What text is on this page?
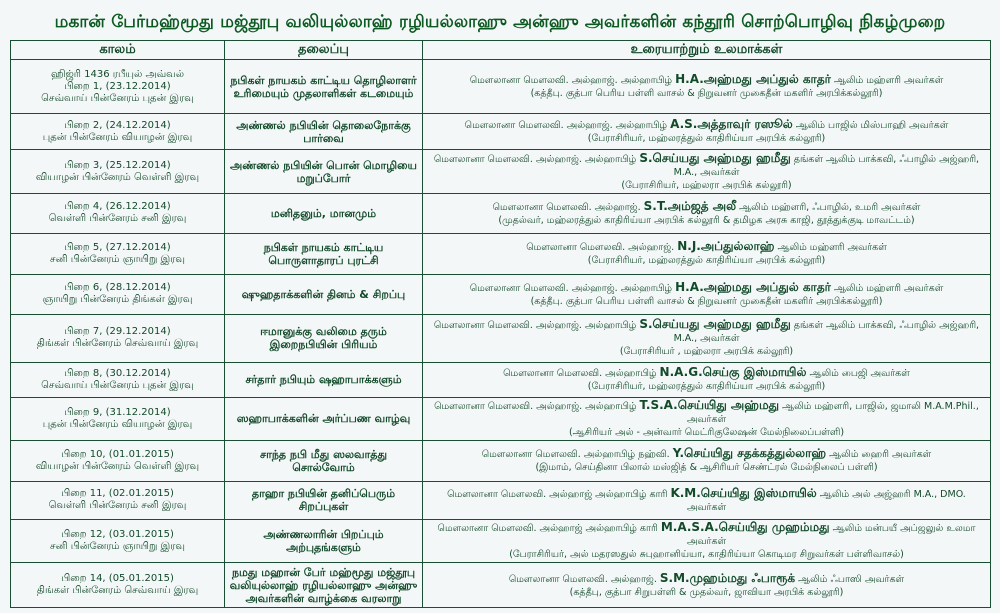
மகான் பேர்மஹ்மூது மஜ்தூபு வலியுல்லாஹ் ரழியல்லாஹு அன்ஹு அவர்களின் கந்தூரி சொற்பொழிவு நிகழ்முறை
காலம்	தலைப்பு	உரையாற்றும் உலமாக்கள்

ஹிஜ்ரி 1436 ரபீயுல் அவ்வல்
பிறை 1, (23.12.2014)
செவ்வாய் பின்னேரம் புதன் இரவு	நபிகள் நாயகம் காட்டிய தொழிலாளர் உரிமையும் முதலாளிகள் கடமையும்	மௌலானா மௌலவி. அல்ஹாஜ். அல்ஹாபிழ் H.A.அஹ்மது அப்துல் காதர் ஆலிம் மஹ்ளரி அவர்கள்
(கத்தீபு. குத்பா பெரிய பள்ளி வாசல் & நிறுவனர் முகைதீன் மகளிர் அரபிக்கல்லூரி)

பிறை 2, (24.12.2014)
புதன் பின்னேரம் வியாழன் இரவு	அண்ணல் நபியின் தொலைநோக்கு பார்வை	மௌலானா மௌலவி. அல்ஹாஜ். அல்ஹாபிழ் A.S.அத்தாவுர் ரஸூல் ஆலிம் பாஜில் மிஸ்பாஹி அவர்கள்
(பேராசிரியர், மஹ்லரத்துல் காதிரிய்யா அரபிக் கல்லூரி)

பிறை 3, (25.12.2014)
வியாழன் பின்னேரம் வெள்ளி இரவு	அண்ணல் நபியின் பொன் மொழியை மறுப்போர்	மௌலானா மௌலவி. அல்ஹாஜ். அல்ஹாபிழ் S.செய்யது அஹ்மது ஹமீது தங்கள் ஆலிம் பாக்கவி, ஃபாழில் அஜ்ஹரி, M.A., அவர்கள்
(பேராசிரியர், மஹ்லரா அரபிக் கல்லூரி)

பிறை 4, (26.12.2014)
வெள்ளி பின்னேரம் சனி இரவு	மனிதனும், மானமும்	மௌலானா மௌலவி. அல்ஹாஜ். S.T.அம்ஜத் அலீ ஆலிம் மஹ்ளரி, ஃபாழில், உமரி அவர்கள்
(முதல்வர், மஹ்லரத்துல் காதிரிய்யா அரபிக் கல்லூரி & தமிழக அரசு காஜி, தூத்துக்குடி மாவட்டம்)

பிறை 5, (27.12.2014)
சனி பின்னேரம் ஞாயிறு இரவு	நபிகள் நாயகம் காட்டிய பொருளாதாரப் புரட்சி	மௌலானா மௌலவி. அல்ஹாஜ். N.J.அப்துல்லாஹ் ஆலிம் மஹ்ளரி அவர்கள்
(பேராசிரியர், மஹ்லரத்துல் காதிரிய்யா அரபிக் கல்லூரி)

பிறை 6, (28.12.2014)
ஞாயிறு பின்னேரம் திங்கள் இரவு	ஷுஹதாக்களின் தினம் & சிறப்பு	மௌலானா மௌலவி. அல்ஹாஜ். அல்ஹாபிழ் H.A.அஹ்மது அப்துல் காதர் ஆலிம் மஹ்ளரி அவர்கள்
(கத்தீபு. குத்பா பெரிய பள்ளி வாசல் & நிறுவனர் முகைதீன் மகளிர் அரபிக்கல்லூரி)

பிறை 7, (29.12.2014)
திங்கள் பின்னேரம் செவ்வாய் இரவு	ஈமானுக்கு வலிமை தரும் இறைநபியின் பிரியம்	மௌலானா மௌலவி. அல்ஹாஜ். அல்ஹாபிழ் S.செய்யது அஹ்மது ஹமீது தங்கள் ஆலிம் பாக்கவி, ஃபாழில் அஜ்ஹரி, M.A., அவர்கள்
(பேராசிரியர் , மஹ்லரா அரபிக் கல்லூரி)

பிறை 8, (30.12.2014)
செவ்வாய் பின்னேரம் புதன் இரவு	சர்தார் நபியும் ஷஹாபாக்களும்	மௌலானா மௌலவி. அல்ஹாபிழ் N.A.G.செய்கு இஸ்மாயில் ஆலிம் பைஜி அவர்கள்
(பேராசிரியர், மஹ்லரத்துல் காதிரிய்யா அரபிக் கல்லூரி)

பிறை 9, (31.12.2014)
புதன் பின்னேரம் வியாழன் இரவு	ஸஹாபாக்களின் அர்ப்பண வாழ்வு	மௌலானா மௌலவி. அல்ஹாஜ். அல்ஹாபிழ் T.S.A.செய்யிது அஹ்மது ஆலிம் மஹ்ளரி, பாஜில், ஜமாலி M.A.M.Phil., அவர்கள்
(ஆசிரியர் அல் - அன்வார் மெட்ரிகுலேஷன் மேல்நிலைப்பள்ளி)

பிறை 10, (01.01.2015)
வியாழன் பின்னேரம் வெள்ளி இரவு	சாந்த நபி மீது ஸலவாத்து சொல்வோம்	மௌலானா மௌலவி. அல்ஹாபிழ் நஹ்வி. Y.செய்யிது சதக்கத்துல்லாஹ் ஆலிம் ஹைரி அவர்கள்
(இமாம், செய்தினா பிலால் மஸ்ஜித் & ஆசிரியர் செண்ட்ரல் மேல்நிலைப் பள்ளி)

பிறை 11, (02.01.2015)
வெள்ளி பின்னேரம் சனி இரவு	தாஹா நபியின் தனிப்பெரும் சிறப்புகள்	மௌலானா மௌலவி. அல்ஹாஜ் அல்ஹாபிழ் காரி K.M.செய்யிது இஸ்மாயில் ஆலிம் அல் அஜ்ஹரி M.A., DMO. அவர்கள்

பிறை 12, (03.01.2015)
சனி பின்னேரம் ஞாயிறு இரவு	அண்ணலாரின் பிறப்பும் அற்புதங்களும்	மௌலானா மௌலவி. அல்ஹாஜ் அல்ஹாபிழ் காரி M.A.S.A.செய்யிது முஹம்மது ஆலிம் மன்பயீ அப்ஜலுல் உலமா அவர்கள்
(பேராசிரியர், அல் மதரஸதுல் சுபுஹானிய்யா, காதிரிய்யா கொடிமர சிறுவர்கள் பள்ளிவாசல்)

பிறை 14, (05.01.2015)
திங்கள் பின்னேரம் செவ்வாய் இரவு	நமது மஹான் பேர் மஹ்மூது மஜ்தூபு வலியுல்லாஹ் ரழியல்லாஹு அன்ஹு அவர்களின் வாழ்க்கை வரலாறு	மௌலானா மௌலவி. அல்ஹாஜ். S.M.முஹம்மது ஃபாரூக் ஆலிம் ஃபாஸி அவர்கள்
(கத்தீபு, குத்பா சிறுபள்ளி & முதல்வர், ஜாவியா அரபிக் கல்லூரி)
